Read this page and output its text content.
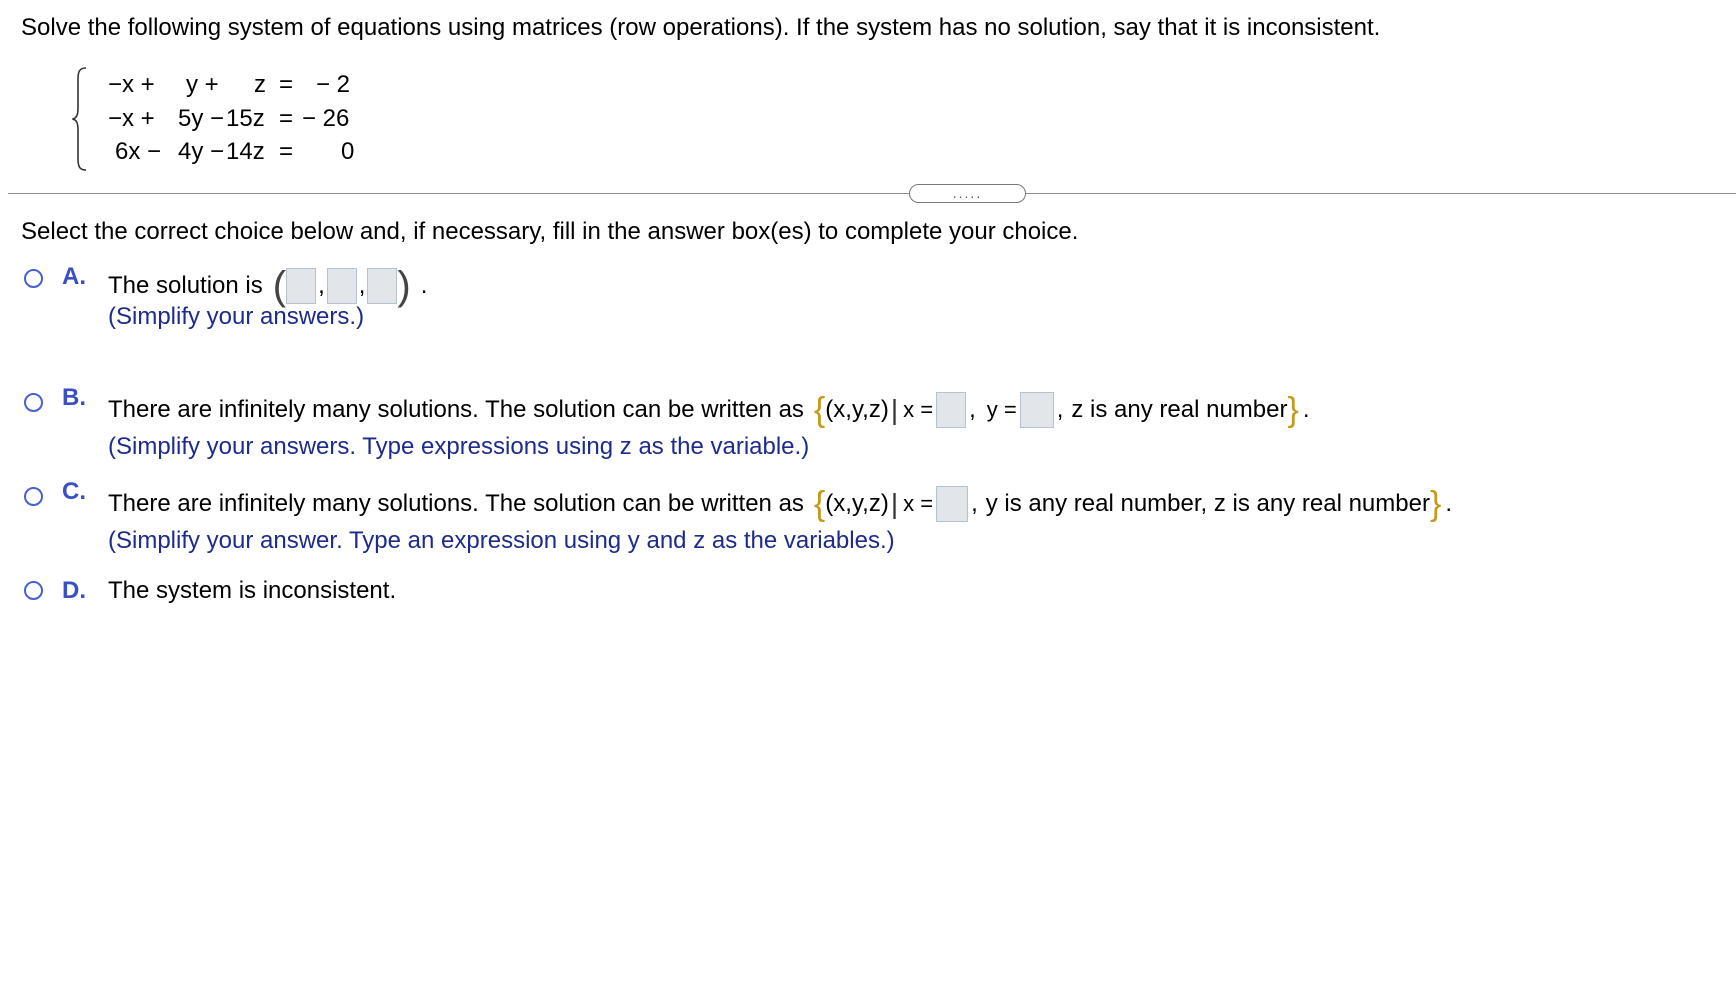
Solve the following system of equations using matrices (row operations). If the system has no solution, say that it is inconsistent.
−x + y + z = − 2
−x + 5y − 15z = − 26
6x − 4y − 14z = 0
.....
Select the correct choice below and, if necessary, fill in the answer box(es) to complete your choice.
A. The solution is ( , , ) .
(Simplify your answers.)
B. There are infinitely many solutions. The solution can be written as { (x,y,z) | x = , y = , z is any real number } .
(Simplify your answers. Type expressions using z as the variable.)
C. There are infinitely many solutions. The solution can be written as { (x,y,z) | x = , y is any real number, z is any real number } .
(Simplify your answer. Type an expression using y and z as the variables.)
D. The system is inconsistent.
